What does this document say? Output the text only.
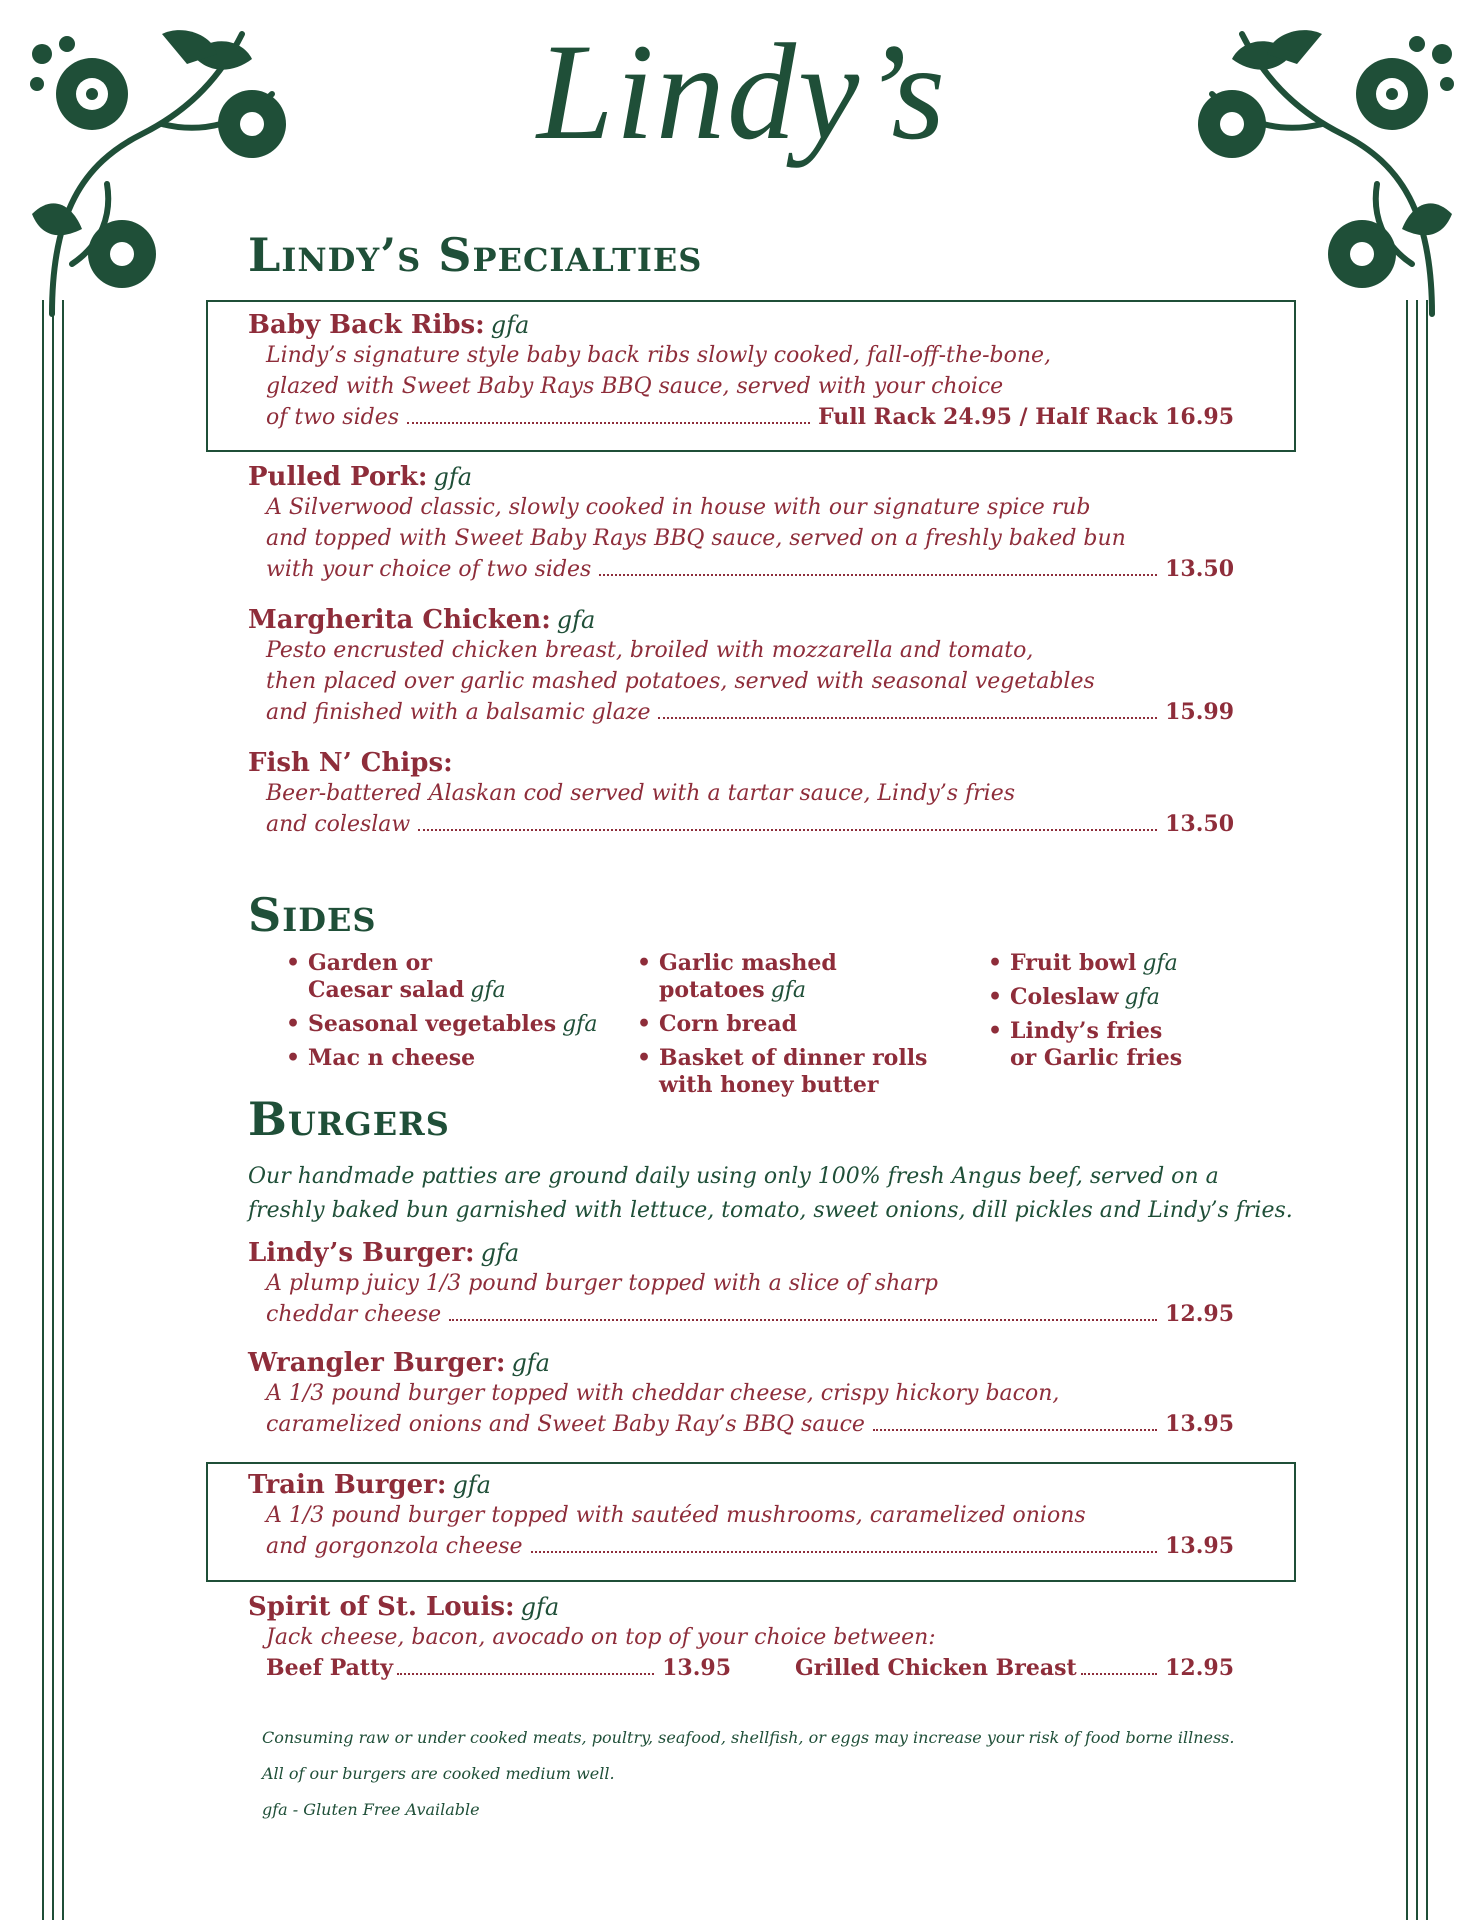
Lindy’s
Lindy’s Specialties
Baby Back Ribs: gfa
Lindy’s signature style baby back ribs slowly cooked, fall-off-the-bone,
glazed with Sweet Baby Rays BBQ sauce, served with your choice
of two sides	Full Rack 24.95 / Half Rack 16.95
Pulled Pork: gfa
A Silverwood classic, slowly cooked in house with our signature spice rub
and topped with Sweet Baby Rays BBQ sauce, served on a freshly baked bun
with your choice of two sides	13.50
Margherita Chicken: gfa
Pesto encrusted chicken breast, broiled with mozzarella and tomato,
then placed over garlic mashed potatoes, served with seasonal vegetables
and finished with a balsamic glaze	15.99
Fish N’ Chips:
Beer-battered Alaskan cod served with a tartar sauce, Lindy’s fries
and coleslaw	13.50
Sides
• Garden or
Caesar salad gfa
• Seasonal vegetables gfa
• Mac n cheese
• Garlic mashed
potatoes gfa
• Corn bread
• Basket of dinner rolls
with honey butter
• Fruit bowl gfa
• Coleslaw gfa
• Lindy’s fries
or Garlic fries
Burgers
Our handmade patties are ground daily using only 100% fresh Angus beef, served on a
freshly baked bun garnished with lettuce, tomato, sweet onions, dill pickles and Lindy’s fries.
Lindy’s Burger: gfa
A plump juicy 1/3 pound burger topped with a slice of sharp
cheddar cheese	12.95
Wrangler Burger: gfa
A 1/3 pound burger topped with cheddar cheese, crispy hickory bacon,
caramelized onions and Sweet Baby Ray’s BBQ sauce	13.95
Train Burger: gfa
A 1/3 pound burger topped with sautéed mushrooms, caramelized onions
and gorgonzola cheese	13.95
Spirit of St. Louis: gfa
Jack cheese, bacon, avocado on top of your choice between:
Beef Patty	13.95	Grilled Chicken Breast	12.95
Consuming raw or under cooked meats, poultry, seafood, shellfish, or eggs may increase your risk of food borne illness.
All of our burgers are cooked medium well.
gfa - Gluten Free Available
